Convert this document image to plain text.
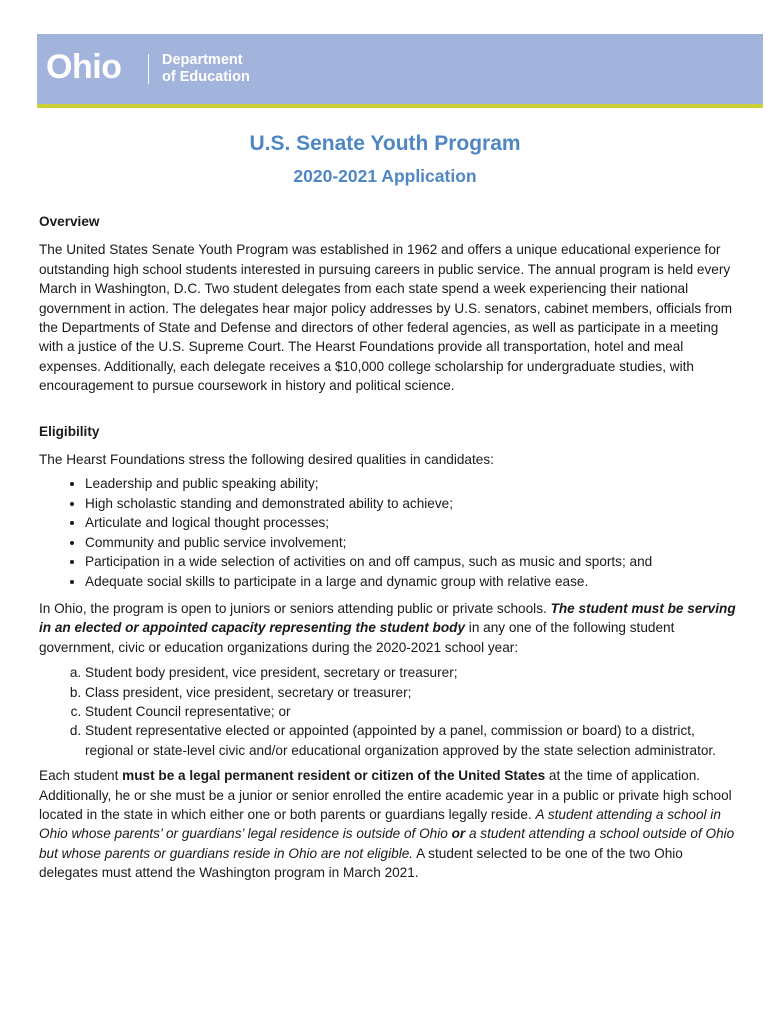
Ohio	Department
of Education
U.S. Senate Youth Program
2020-2021 Application
Overview

The United States Senate Youth Program was established in 1962 and offers a unique educational experience for outstanding high school students interested in pursuing careers in public service. The annual program is held every March in Washington, D.C. Two student delegates from each state spend a week experiencing their national government in action. The delegates hear major policy addresses by U.S. senators, cabinet members, officials from the Departments of State and Defense and directors of other federal agencies, as well as participate in a meeting with a justice of the U.S. Supreme Court. The Hearst Foundations provide all transportation, hotel and meal expenses. Additionally, each delegate receives a $10,000 college scholarship for undergraduate studies, with encouragement to pursue coursework in history and political science.

Eligibility

The Hearst Foundations stress the following desired qualities in candidates:

• Leadership and public speaking ability;
• High scholastic standing and demonstrated ability to achieve;
• Articulate and logical thought processes;
• Community and public service involvement;
• Participation in a wide selection of activities on and off campus, such as music and sports; and
• Adequate social skills to participate in a large and dynamic group with relative ease.

In Ohio, the program is open to juniors or seniors attending public or private schools. The student must be serving in an elected or appointed capacity representing the student body in any one of the following student government, civic or education organizations during the 2020-2021 school year:

a. Student body president, vice president, secretary or treasurer;
b. Class president, vice president, secretary or treasurer;
c. Student Council representative; or
d. Student representative elected or appointed (appointed by a panel, commission or board) to a district, regional or state-level civic and/or educational organization approved by the state selection administrator.

Each student must be a legal permanent resident or citizen of the United States at the time of application. Additionally, he or she must be a junior or senior enrolled the entire academic year in a public or private high school located in the state in which either one or both parents or guardians legally reside. A student attending a school in Ohio whose parents’ or guardians’ legal residence is outside of Ohio or a student attending a school outside of Ohio but whose parents or guardians reside in Ohio are not eligible. A student selected to be one of the two Ohio delegates must attend the Washington program in March 2021.
